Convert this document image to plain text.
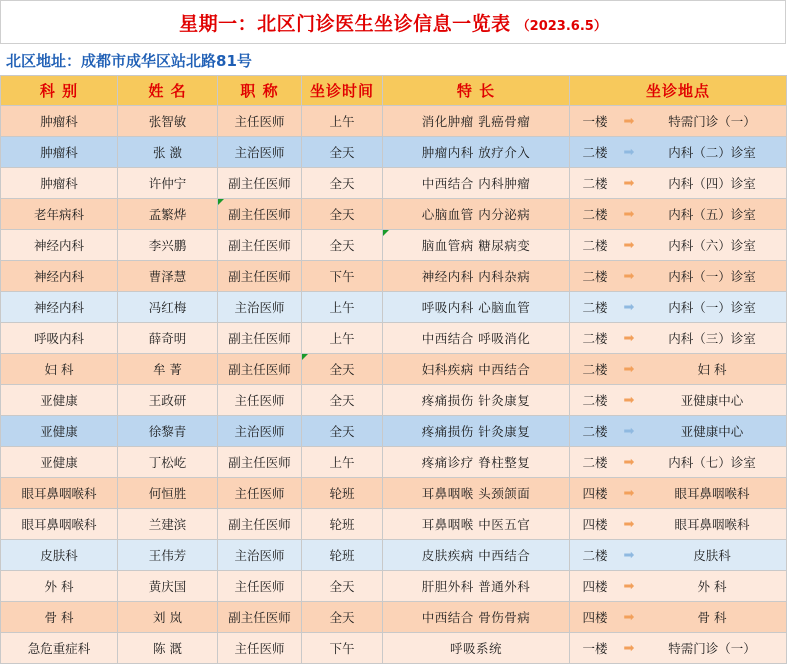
星期一：北区门诊医生坐诊信息一览表 （2023.6.5）
北区地址：成都市成华区站北路81号
科 别	姓 名	职 称	坐诊时间	特 长	坐诊地点
肿瘤科	张智敏	主任医师	上午	消化肿瘤 乳癌骨瘤	一楼 ➡ 特需门诊（一）

肿瘤科	张 激	主治医师	全天	肿瘤内科 放疗介入	二楼 ➡ 内科（二）诊室

肿瘤科	许仲宁	副主任医师	全天	中西结合 内科肿瘤	二楼 ➡ 内科（四）诊室

老年病科	孟繁烨	副主任医师	全天	心脑血管 内分泌病	二楼 ➡ 内科（五）诊室

神经内科	李兴鹏	副主任医师	全天	脑血管病 糖尿病变	二楼 ➡ 内科（六）诊室

神经内科	曹泽慧	副主任医师	下午	神经内科 内科杂病	二楼 ➡ 内科（一）诊室

神经内科	冯红梅	主治医师	上午	呼吸内科 心脑血管	二楼 ➡ 内科（一）诊室

呼吸内科	薛奇明	副主任医师	上午	中西结合 呼吸消化	二楼 ➡ 内科（三）诊室

妇 科	牟 菁	副主任医师	全天	妇科疾病 中西结合	二楼 ➡ 妇 科

亚健康	王政研	主任医师	全天	疼痛损伤 针灸康复	二楼 ➡ 亚健康中心

亚健康	徐黎青	主治医师	全天	疼痛损伤 针灸康复	二楼 ➡ 亚健康中心

亚健康	丁松屹	副主任医师	上午	疼痛诊疗 脊柱整复	二楼 ➡ 内科（七）诊室

眼耳鼻咽喉科	何恒胜	主任医师	轮班	耳鼻咽喉 头颈颌面	四楼 ➡ 眼耳鼻咽喉科

眼耳鼻咽喉科	兰建滨	副主任医师	轮班	耳鼻咽喉 中医五官	四楼 ➡ 眼耳鼻咽喉科

皮肤科	王伟芳	主治医师	轮班	皮肤疾病 中西结合	二楼 ➡ 皮肤科

外 科	黄庆国	主任医师	全天	肝胆外科 普通外科	四楼 ➡ 外 科

骨 科	刘 岚	副主任医师	全天	中西结合 骨伤骨病	四楼 ➡ 骨 科

急危重症科	陈 溉	主任医师	下午	呼吸系统	一楼 ➡ 特需门诊（一）
